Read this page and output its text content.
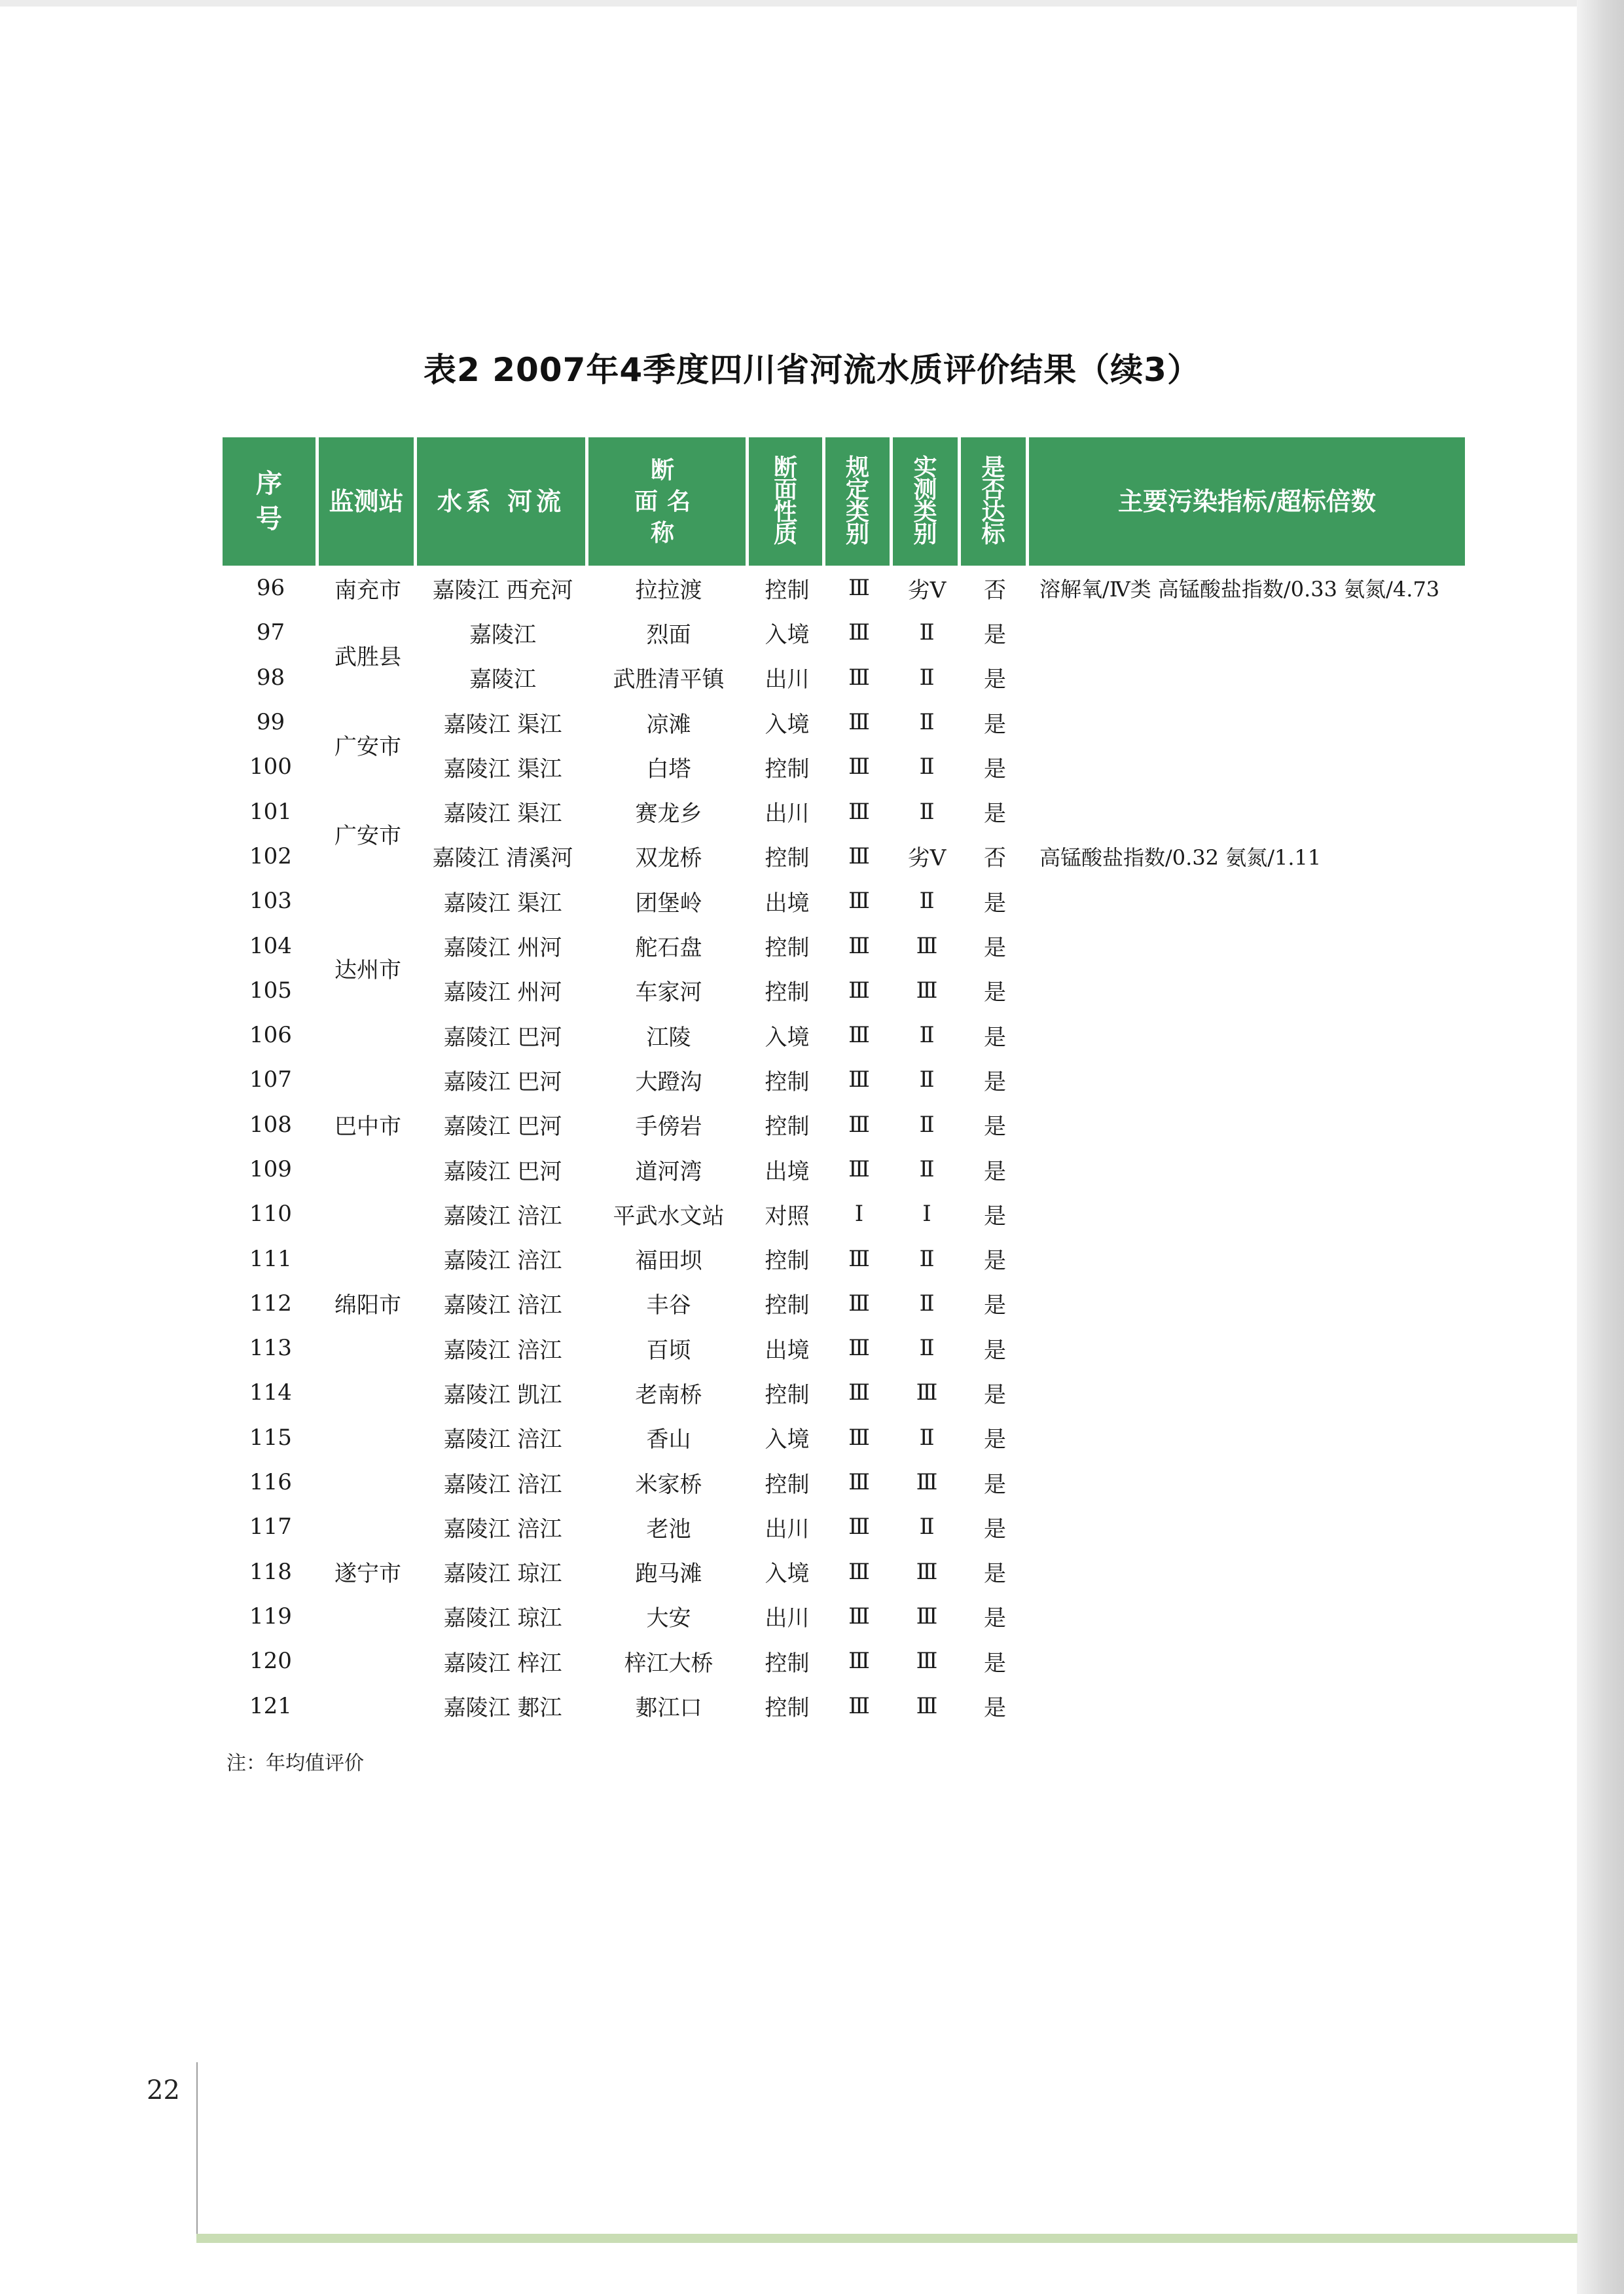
表2 2007年4季度四川省河流水质评价结果（续3）
序号	监测站	水系 河流	断 面名 称	断面性质	规定类别	实测类别	是否达标	主要污染指标/超标倍数
96	南充市	嘉陵江 西充河	拉拉渡	控制	Ⅲ	劣Ⅴ	否	溶解氧/Ⅳ类 高锰酸盐指数/0.33 氨氮/4.73
97	武胜县	嘉陵江	烈面	入境	Ⅲ	Ⅱ	是	
98		嘉陵江	武胜清平镇	出川	Ⅲ	Ⅱ	是	
99	广安市	嘉陵江 渠江	凉滩	入境	Ⅲ	Ⅱ	是	
100		嘉陵江 渠江	白塔	控制	Ⅲ	Ⅱ	是	
101	广安市	嘉陵江 渠江	赛龙乡	出川	Ⅲ	Ⅱ	是	
102		嘉陵江 清溪河	双龙桥	控制	Ⅲ	劣Ⅴ	否	高锰酸盐指数/0.32 氨氮/1.11
103	达州市	嘉陵江 渠江	团堡岭	出境	Ⅲ	Ⅱ	是	
104		嘉陵江 州河	舵石盘	控制	Ⅲ	Ⅲ	是	
105		嘉陵江 州河	车家河	控制	Ⅲ	Ⅲ	是	
106		嘉陵江 巴河	江陵	入境	Ⅲ	Ⅱ	是	
107	巴中市	嘉陵江 巴河	大蹬沟	控制	Ⅲ	Ⅱ	是	
108		嘉陵江 巴河	手傍岩	控制	Ⅲ	Ⅱ	是	
109		嘉陵江 巴河	道河湾	出境	Ⅲ	Ⅱ	是	
110	绵阳市	嘉陵江 涪江	平武水文站	对照	Ⅰ	Ⅰ	是	
111		嘉陵江 涪江	福田坝	控制	Ⅲ	Ⅱ	是	
112		嘉陵江 涪江	丰谷	控制	Ⅲ	Ⅱ	是	
113		嘉陵江 涪江	百顷	出境	Ⅲ	Ⅱ	是	
114		嘉陵江 凯江	老南桥	控制	Ⅲ	Ⅲ	是	
115	遂宁市	嘉陵江 涪江	香山	入境	Ⅲ	Ⅱ	是	
116		嘉陵江 涪江	米家桥	控制	Ⅲ	Ⅲ	是	
117		嘉陵江 涪江	老池	出川	Ⅲ	Ⅱ	是	
118		嘉陵江 琼江	跑马滩	入境	Ⅲ	Ⅲ	是	
119		嘉陵江 琼江	大安	出川	Ⅲ	Ⅲ	是	
120		嘉陵江 梓江	梓江大桥	控制	Ⅲ	Ⅲ	是	
121		嘉陵江 郪江	郪江口	控制	Ⅲ	Ⅲ	是	
注：年均值评价
22
